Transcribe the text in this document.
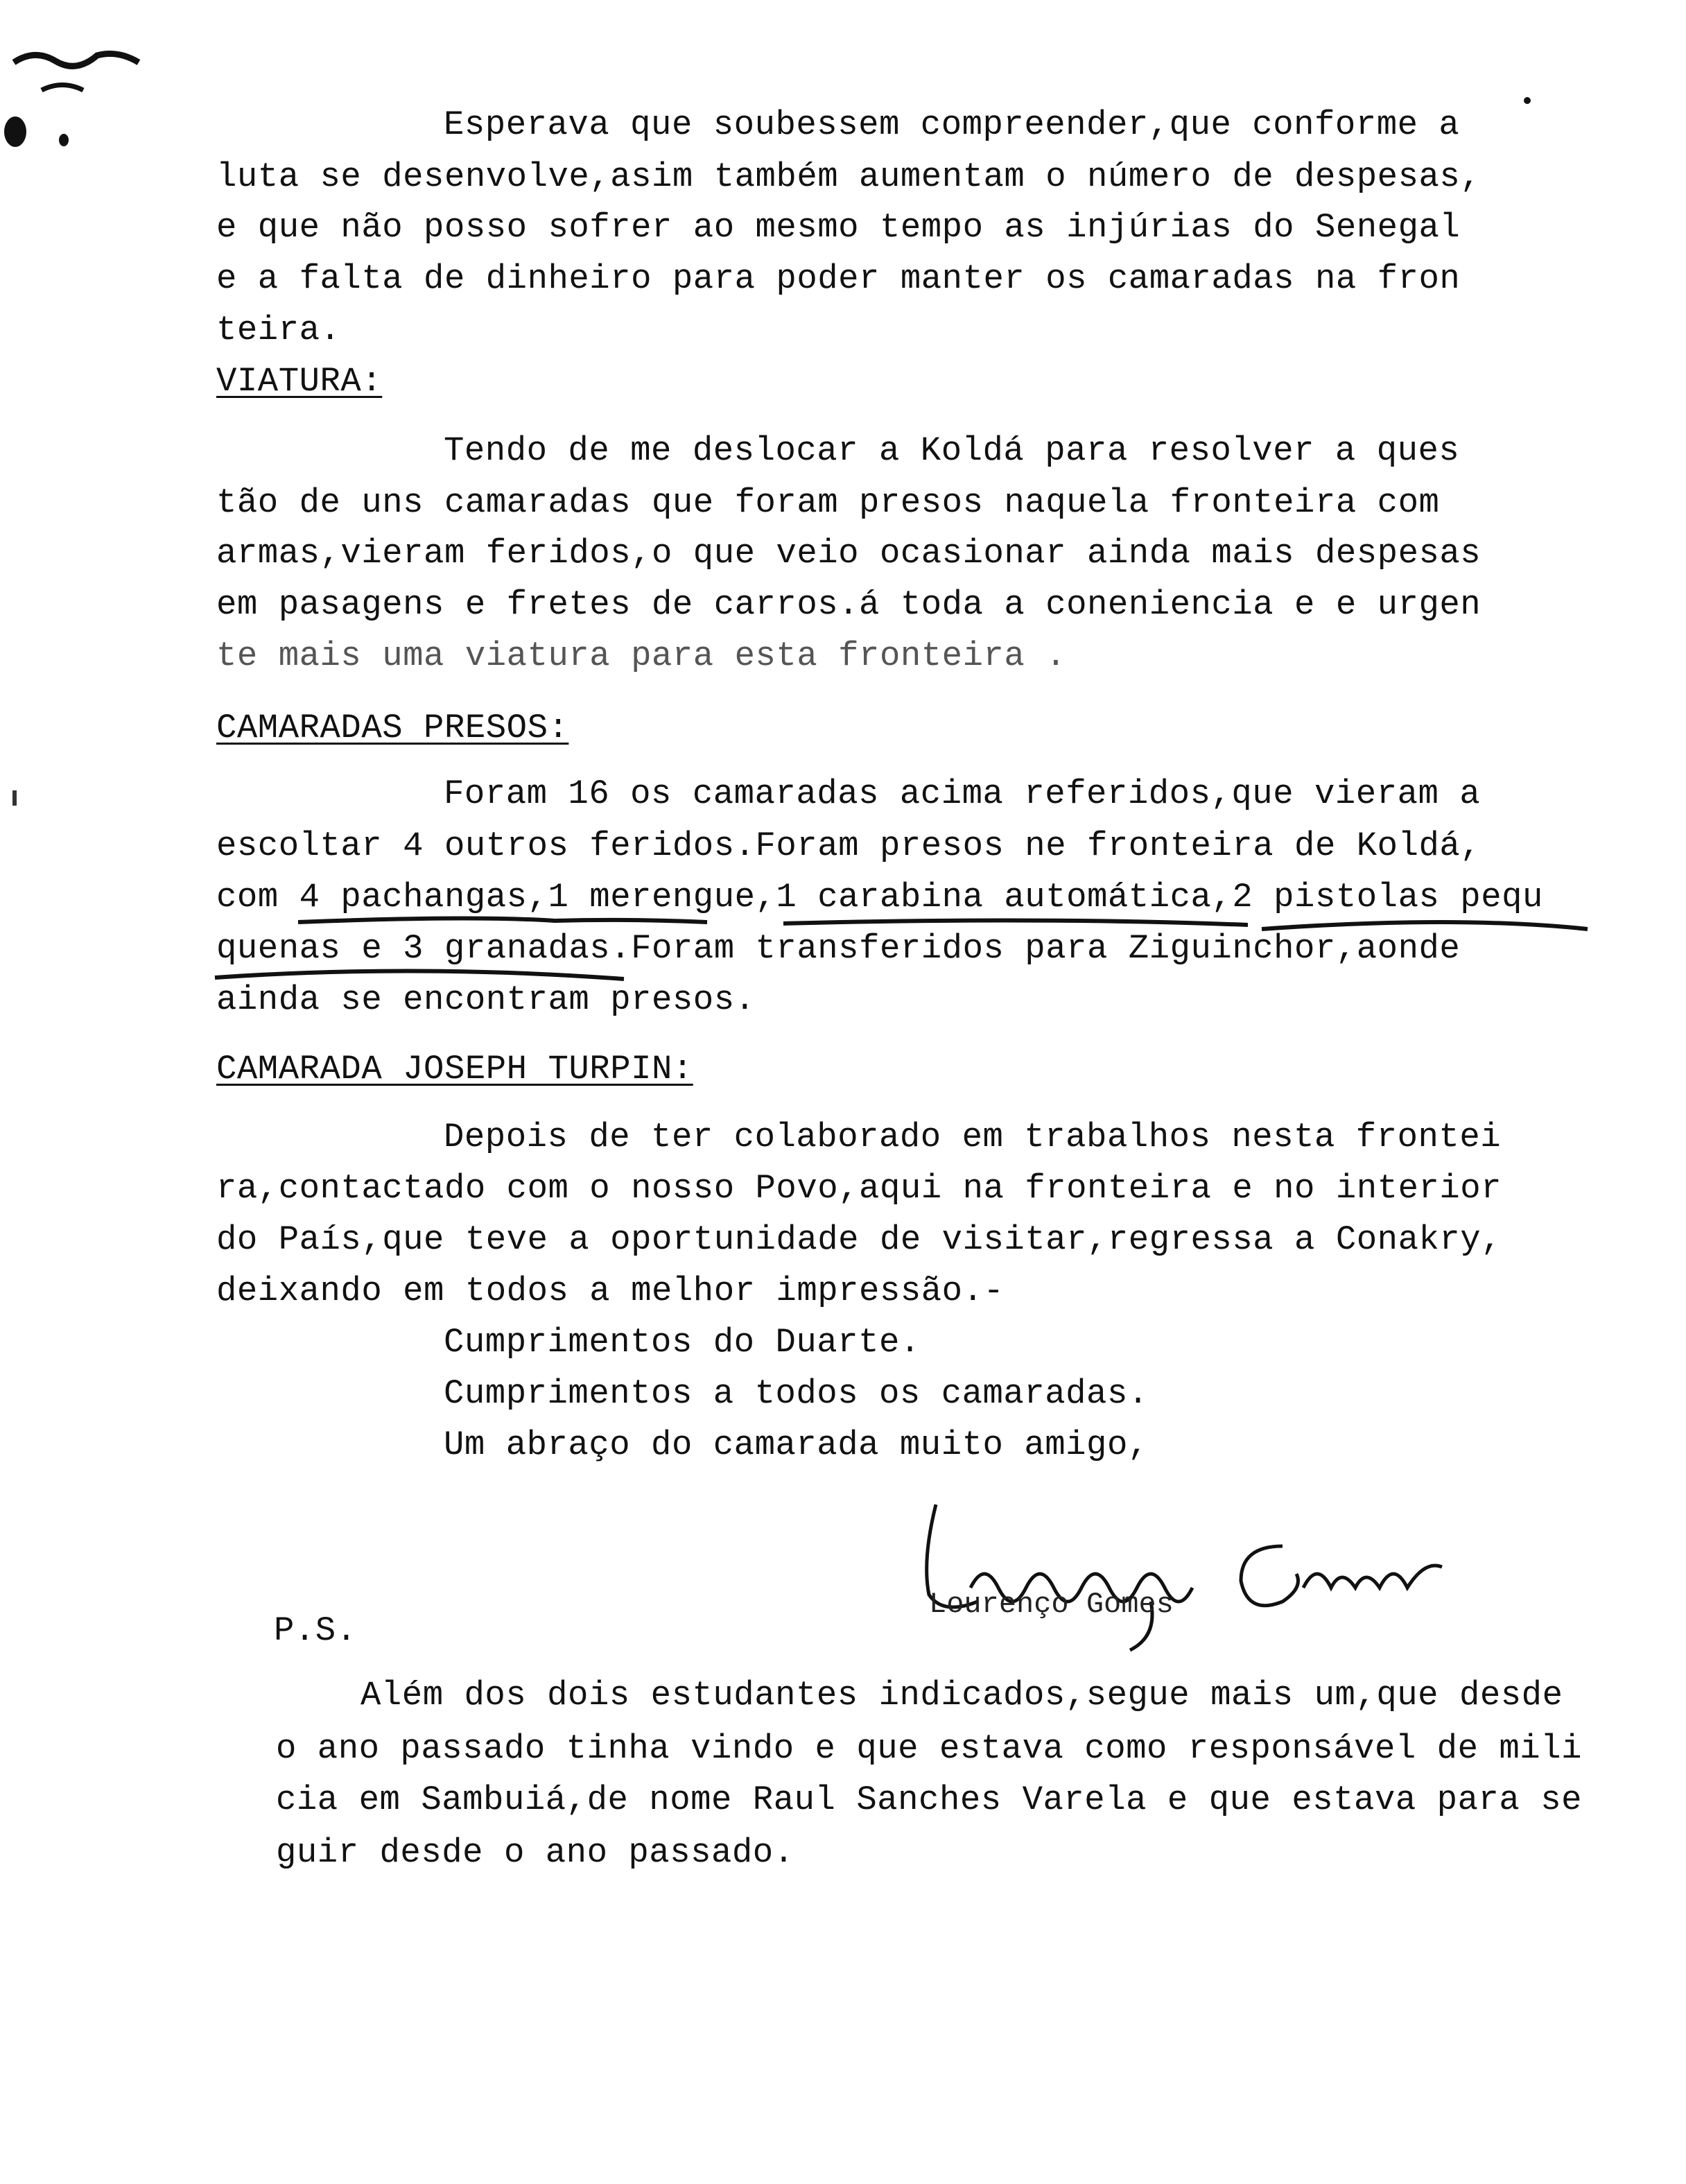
Esperava que soubessem compreender,que conforme a
luta se desenvolve,asim também aumentam o número de despesas,
e que não posso sofrer ao mesmo tempo as injúrias do Senegal
e a falta de dinheiro para poder manter os camaradas na fron
teira.
VIATURA:
Tendo de me deslocar a Koldá para resolver a ques
tão de uns camaradas que foram presos naquela fronteira com
armas,vieram feridos,o que veio ocasionar ainda mais despesas
em pasagens e fretes de carros.á toda a coneniencia e e urgen
te mais uma viatura para esta fronteira .
CAMARADAS PRESOS:
Foram 16 os camaradas acima referidos,que vieram a
escoltar 4 outros feridos.Foram presos ne fronteira de Koldá,
com 4 pachangas,1 merengue,1 carabina automática,2 pistolas pequ
quenas e 3 granadas.Foram transferidos para Ziguinchor,aonde
ainda se encontram presos.
CAMARADA JOSEPH TURPIN:
Depois de ter colaborado em trabalhos nesta frontei
ra,contactado com o nosso Povo,aqui na fronteira e no interior
do País,que teve a oportunidade de visitar,regressa a Conakry,
deixando em todos a melhor impressão.-
Cumprimentos do Duarte.
Cumprimentos a todos os camaradas.
Um abraço do camarada muito amigo,
Lourenço Gomes
P.S.
Além dos dois estudantes indicados,segue mais um,que desde
o ano passado tinha vindo e que estava como responsável de mili
cia em Sambuiá,de nome Raul Sanches Varela e que estava para se
guir desde o ano passado.
